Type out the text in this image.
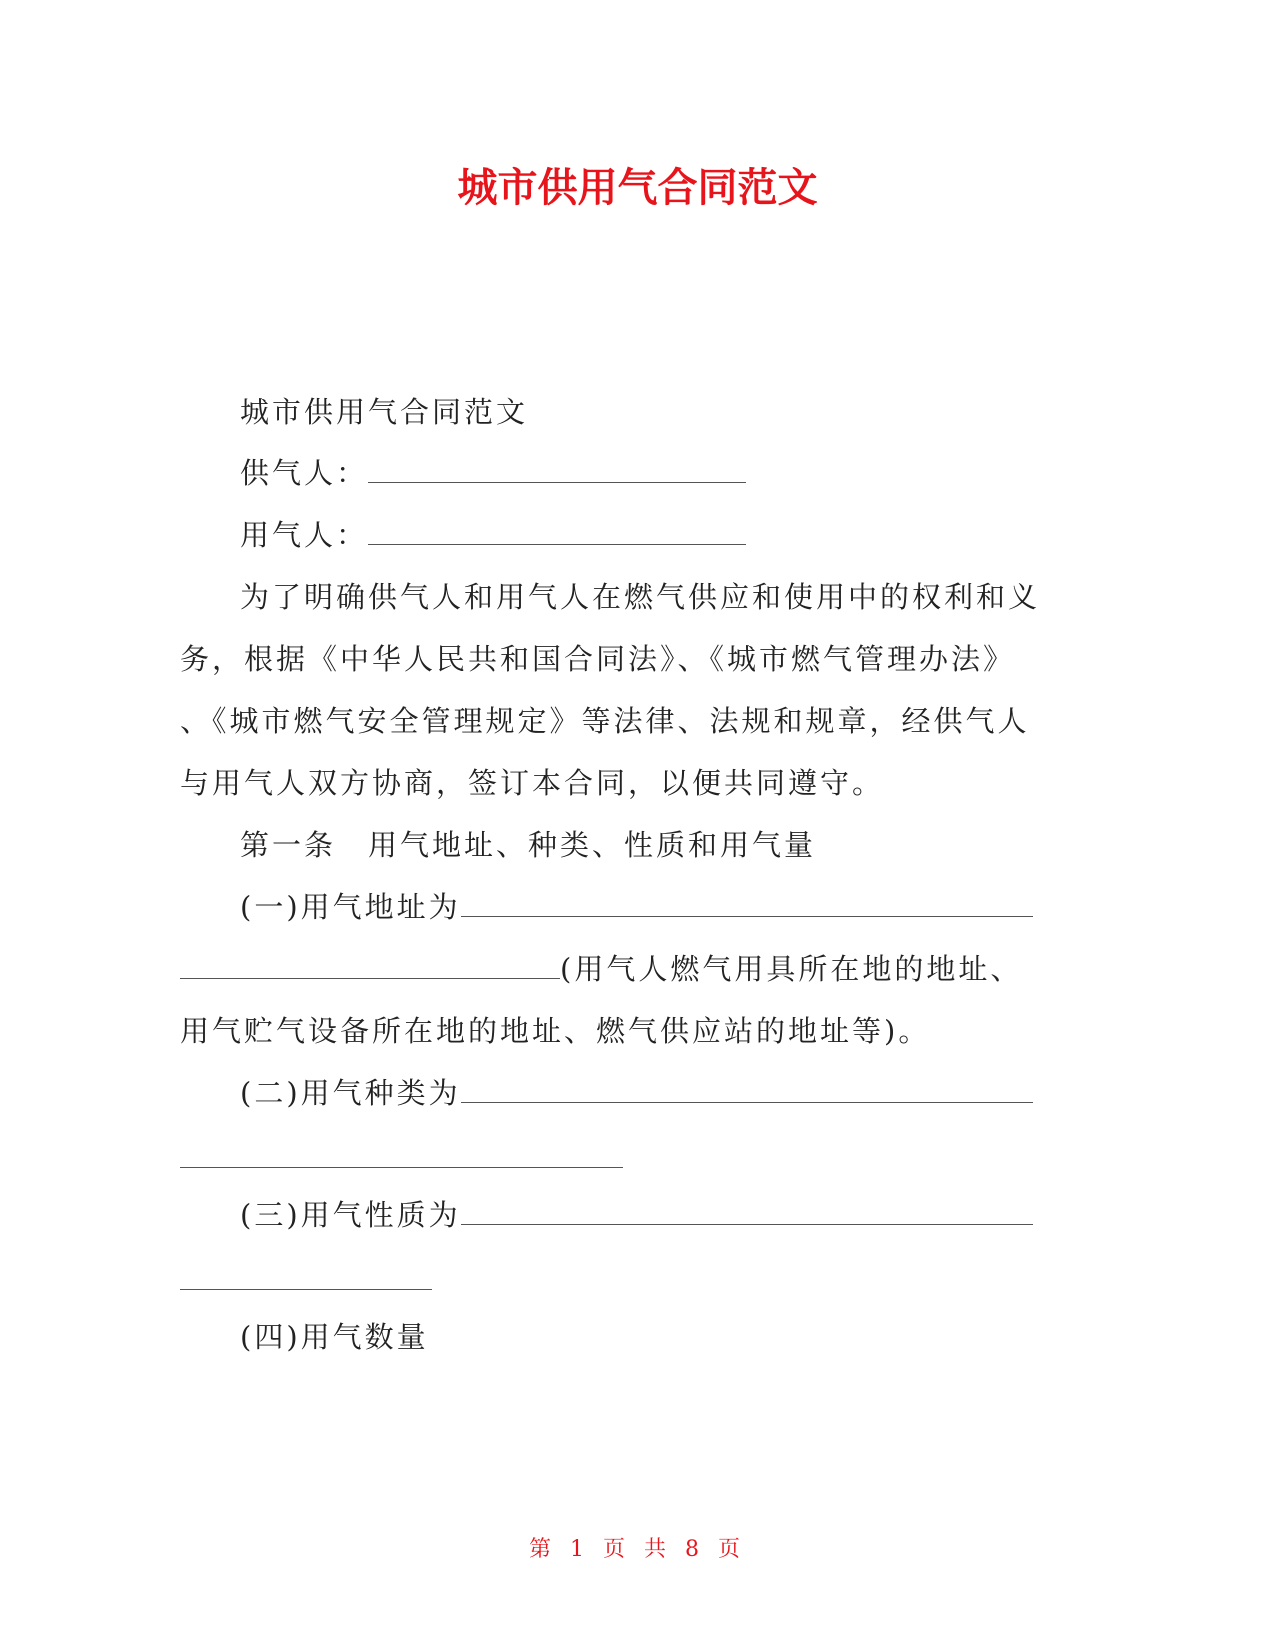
城市供用气合同范文
城市供用气合同范文
供气人：
用气人：
为了明确供气人和用气人在燃气供应和使用中的权利和义
务，根据《中华人民共和国合同法》、《城市燃气管理办法》
、《城市燃气安全管理规定》等法律、法规和规章，经供气人
与用气人双方协商，签订本合同，以便共同遵守。
第一条　用气地址、种类、性质和用气量
(一)用气地址为
(用气人燃气用具所在地的地址、
用气贮气设备所在地的地址、燃气供应站的地址等)。
(二)用气种类为
(三)用气性质为
(四)用气数量
第 1 页 共 8 页
